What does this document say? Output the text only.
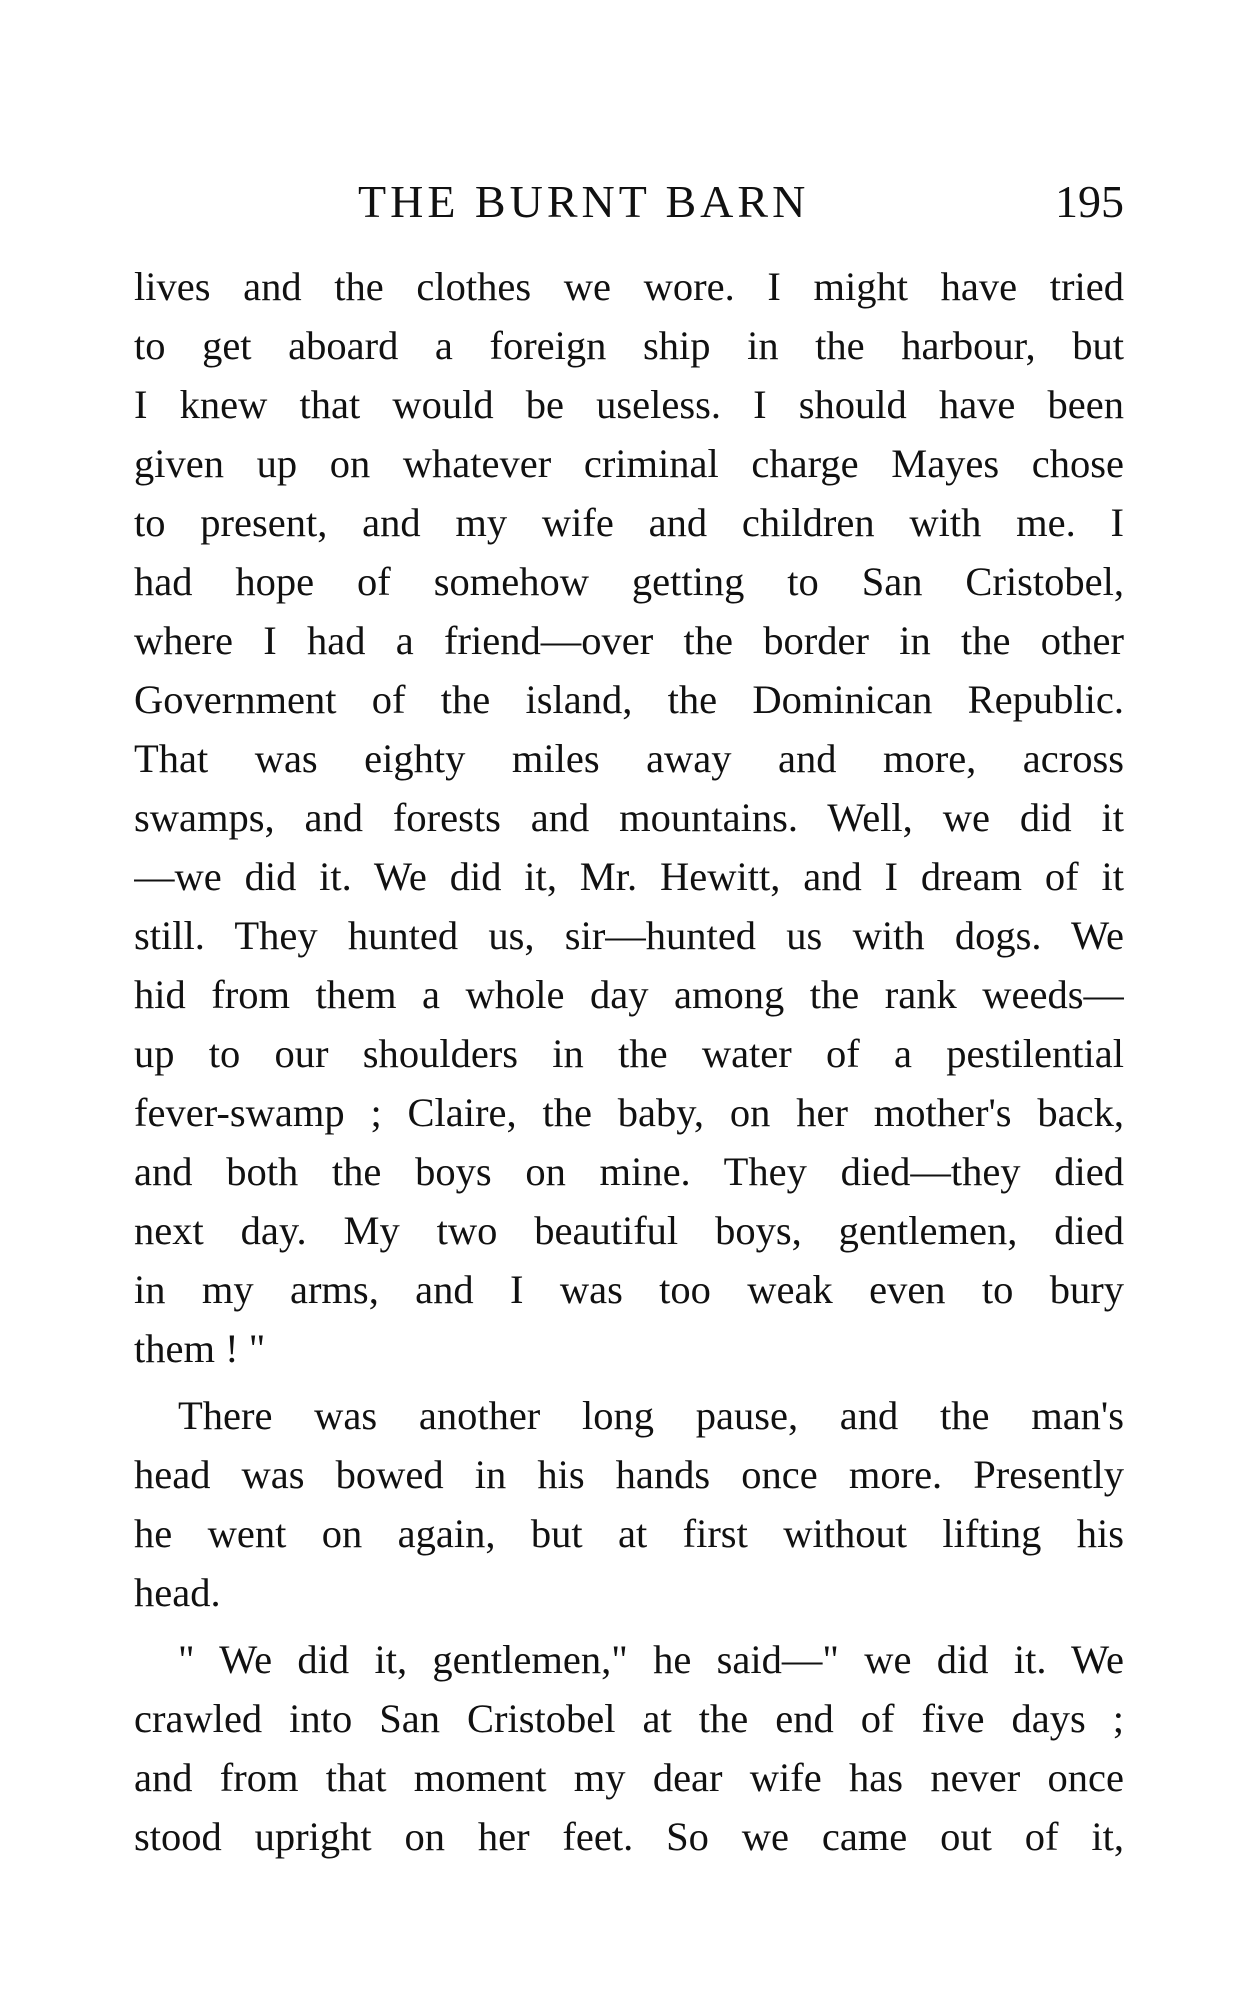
THE BURNT BARN	195
lives and the clothes we wore. I might have tried
to get aboard a foreign ship in the harbour, but
I knew that would be useless. I should have been
given up on whatever criminal charge Mayes chose
to present, and my wife and children with me. I
had hope of somehow getting to San Cristobel,
where I had a friend—over the border in the other
Government of the island, the Dominican Republic.
That was eighty miles away and more, across
swamps, and forests and mountains. Well, we did it
—we did it. We did it, Mr. Hewitt, and I dream of it
still. They hunted us, sir—hunted us with dogs. We
hid from them a whole day among the rank weeds—
up to our shoulders in the water of a pestilential
fever-swamp ; Claire, the baby, on her mother's back,
and both the boys on mine. They died—they died
next day. My two beautiful boys, gentlemen, died
in my arms, and I was too weak even to bury
them ! "
There was another long pause, and the man's
head was bowed in his hands once more. Presently
he went on again, but at first without lifting his
head.
" We did it, gentlemen," he said—" we did it. We
crawled into San Cristobel at the end of five days ;
and from that moment my dear wife has never once
stood upright on her feet. So we came out of it,
